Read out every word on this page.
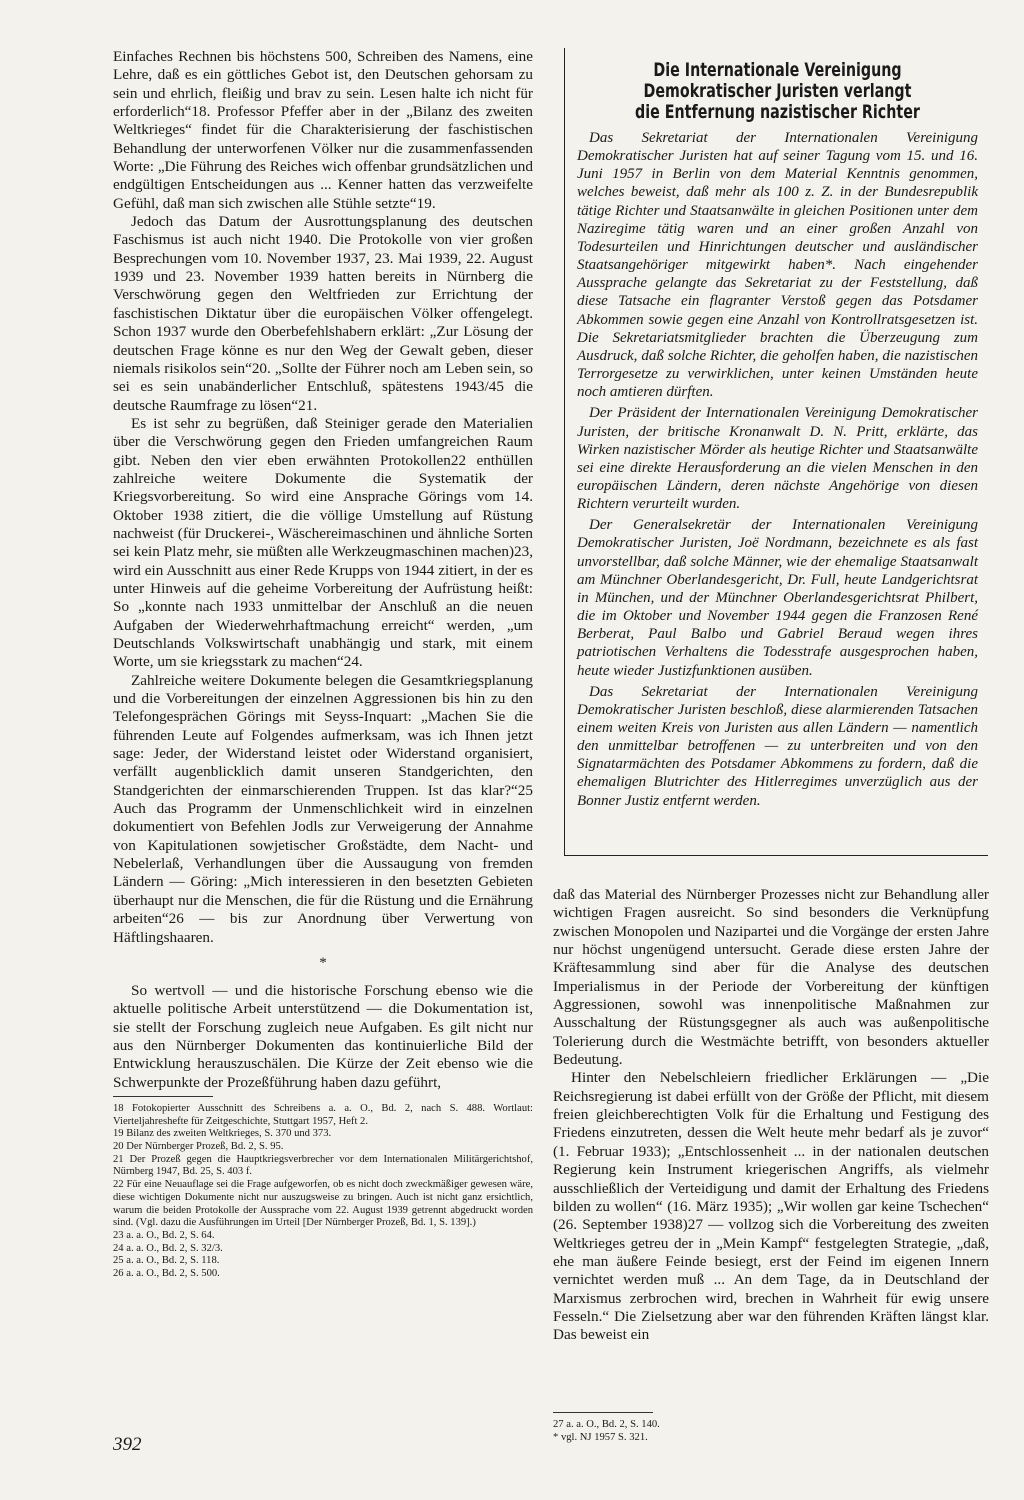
Einfaches Rechnen bis höchstens 500, Schreiben des Namens, eine Lehre, daß es ein göttliches Gebot ist, den Deutschen gehorsam zu sein und ehrlich, fleißig und brav zu sein. Lesen halte ich nicht für erforderlich“18. Professor Pfeffer aber in der „Bilanz des zweiten Weltkrieges“ findet für die Charakterisierung der faschistischen Behandlung der unterworfenen Völker nur die zusammenfassenden Worte: „Die Führung des Reiches wich offenbar grundsätzlichen und endgültigen Entscheidungen aus ... Kenner hatten das verzweifelte Gefühl, daß man sich zwischen alle Stühle setzte“19.

Jedoch das Datum der Ausrottungsplanung des deutschen Faschismus ist auch nicht 1940. Die Protokolle von vier großen Besprechungen vom 10. November 1937, 23. Mai 1939, 22. August 1939 und 23. November 1939 hatten bereits in Nürnberg die Verschwörung gegen den Weltfrieden zur Errichtung der faschistischen Diktatur über die europäischen Völker offengelegt. Schon 1937 wurde den Oberbefehlshabern erklärt: „Zur Lösung der deutschen Frage könne es nur den Weg der Gewalt geben, dieser niemals risikolos sein“20. „Sollte der Führer noch am Leben sein, so sei es sein unabänderlicher Entschluß, spätestens 1943/45 die deutsche Raumfrage zu lösen“21.

Es ist sehr zu begrüßen, daß Steiniger gerade den Materialien über die Verschwörung gegen den Frieden umfangreichen Raum gibt. Neben den vier eben erwähnten Protokollen22 enthüllen zahlreiche weitere Dokumente die Systematik der Kriegsvorbereitung. So wird eine Ansprache Görings vom 14. Oktober 1938 zitiert, die die völlige Umstellung auf Rüstung nachweist (für Druckerei-, Wäschereimaschinen und ähnliche Sorten sei kein Platz mehr, sie müßten alle Werkzeugmaschinen machen)23, wird ein Ausschnitt aus einer Rede Krupps von 1944 zitiert, in der es unter Hinweis auf die geheime Vorbereitung der Aufrüstung heißt: So „konnte nach 1933 unmittelbar der Anschluß an die neuen Aufgaben der Wiederwehrhaftmachung erreicht“ werden, „um Deutschlands Volkswirtschaft unabhängig und stark, mit einem Worte, um sie kriegsstark zu machen“24.

Zahlreiche weitere Dokumente belegen die Gesamtkriegsplanung und die Vorbereitungen der einzelnen Aggressionen bis hin zu den Telefongesprächen Görings mit Seyss-Inquart: „Machen Sie die führenden Leute auf Folgendes aufmerksam, was ich Ihnen jetzt sage: Jeder, der Widerstand leistet oder Widerstand organisiert, verfällt augenblicklich damit unseren Standgerichten, den Standgerichten der einmarschierenden Truppen. Ist das klar?“25 Auch das Programm der Unmenschlichkeit wird in einzelnen dokumentiert von Befehlen Jodls zur Verweigerung der Annahme von Kapitulationen sowjetischer Großstädte, dem Nacht- und Nebelerlaß, Verhandlungen über die Aussaugung von fremden Ländern — Göring: „Mich interessieren in den besetzten Gebieten überhaupt nur die Menschen, die für die Rüstung und die Ernährung arbeiten“26 — bis zur Anordnung über Verwertung von Häftlingshaaren.

*

So wertvoll — und die historische Forschung ebenso wie die aktuelle politische Arbeit unterstützend — die Dokumentation ist, sie stellt der Forschung zugleich neue Aufgaben. Es gilt nicht nur aus den Nürnberger Dokumenten das kontinuierliche Bild der Entwicklung herauszuschälen. Die Kürze der Zeit ebenso wie die Schwerpunkte der Prozeßführung haben dazu geführt,

18 Fotokopierter Ausschnitt des Schreibens a. a. O., Bd. 2, nach S. 488. Wortlaut: Vierteljahreshefte für Zeitgeschichte, Stuttgart 1957, Heft 2.

19 Bilanz des zweiten Weltkrieges, S. 370 und 373.

20 Der Nürnberger Prozeß, Bd. 2, S. 95.

21 Der Prozeß gegen die Hauptkriegsverbrecher vor dem Internationalen Militärgerichtshof, Nürnberg 1947, Bd. 25, S. 403 f.

22 Für eine Neuauflage sei die Frage aufgeworfen, ob es nicht doch zweckmäßiger gewesen wäre, diese wichtigen Dokumente nicht nur auszugsweise zu bringen. Auch ist nicht ganz ersichtlich, warum die beiden Protokolle der Aussprache vom 22. August 1939 getrennt abgedruckt worden sind. (Vgl. dazu die Ausführungen im Urteil [Der Nürnberger Prozeß, Bd. 1, S. 139].)

23 a. a. O., Bd. 2, S. 64.

24 a. a. O., Bd. 2, S. 32/3.

25 a. a. O., Bd. 2, S. 118.

26 a. a. O., Bd. 2, S. 500.

Die Internationale Vereinigung
Demokratischer Juristen verlangt
die Entfernung nazistischer Richter

Das Sekretariat der Internationalen Vereinigung Demokratischer Juristen hat auf seiner Tagung vom 15. und 16. Juni 1957 in Berlin von dem Material Kenntnis genommen, welches beweist, daß mehr als 100 z. Z. in der Bundesrepublik tätige Richter und Staatsanwälte in gleichen Positionen unter dem Naziregime tätig waren und an einer großen Anzahl von Todesurteilen und Hinrichtungen deutscher und ausländischer Staatsangehöriger mitgewirkt haben*. Nach eingehender Aussprache gelangte das Sekretariat zu der Feststellung, daß diese Tatsache ein flagranter Verstoß gegen das Potsdamer Abkommen sowie gegen eine Anzahl von Kontrollratsgesetzen ist. Die Sekretariatsmitglieder brachten die Überzeugung zum Ausdruck, daß solche Richter, die geholfen haben, die nazistischen Terrorgesetze zu verwirklichen, unter keinen Umständen heute noch amtieren dürften.

Der Präsident der Internationalen Vereinigung Demokratischer Juristen, der britische Kronanwalt D. N. Pritt, erklärte, das Wirken nazistischer Mörder als heutige Richter und Staatsanwälte sei eine direkte Herausforderung an die vielen Menschen in den europäischen Ländern, deren nächste Angehörige von diesen Richtern verurteilt wurden.

Der Generalsekretär der Internationalen Vereinigung Demokratischer Juristen, Joë Nordmann, bezeichnete es als fast unvorstellbar, daß solche Männer, wie der ehemalige Staatsanwalt am Münchner Oberlandesgericht, Dr. Full, heute Landgerichtsrat in München, und der Münchner Oberlandesgerichtsrat Philbert, die im Oktober und November 1944 gegen die Franzosen René Berberat, Paul Balbo und Gabriel Beraud wegen ihres patriotischen Verhaltens die Todesstrafe ausgesprochen haben, heute wieder Justizfunktionen ausüben.

Das Sekretariat der Internationalen Vereinigung Demokratischer Juristen beschloß, diese alarmierenden Tatsachen einem weiten Kreis von Juristen aus allen Ländern — namentlich den unmittelbar betroffenen — zu unterbreiten und von den Signatarmächten des Potsdamer Abkommens zu fordern, daß die ehemaligen Blutrichter des Hitlerregimes unverzüglich aus der Bonner Justiz entfernt werden.

daß das Material des Nürnberger Prozesses nicht zur Behandlung aller wichtigen Fragen ausreicht. So sind besonders die Verknüpfung zwischen Monopolen und Nazipartei und die Vorgänge der ersten Jahre nur höchst ungenügend untersucht. Gerade diese ersten Jahre der Kräftesammlung sind aber für die Analyse des deutschen Imperialismus in der Periode der Vorbereitung der künftigen Aggressionen, sowohl was innenpolitische Maßnahmen zur Ausschaltung der Rüstungsgegner als auch was außenpolitische Tolerierung durch die Westmächte betrifft, von besonders aktueller Bedeutung.

Hinter den Nebelschleiern friedlicher Erklärungen — „Die Reichsregierung ist dabei erfüllt von der Größe der Pflicht, mit diesem freien gleichberechtigten Volk für die Erhaltung und Festigung des Friedens einzutreten, dessen die Welt heute mehr bedarf als je zuvor“ (1. Februar 1933); „Entschlossenheit ... in der nationalen deutschen Regierung kein Instrument kriegerischen Angriffs, als vielmehr ausschließlich der Verteidigung und damit der Erhaltung des Friedens bilden zu wollen“ (16. März 1935); „Wir wollen gar keine Tschechen“ (26. September 1938)27 — vollzog sich die Vorbereitung des zweiten Weltkrieges getreu der in „Mein Kampf“ festgelegten Strategie, „daß, ehe man äußere Feinde besiegt, erst der Feind im eigenen Innern vernichtet werden muß ... An dem Tage, da in Deutschland der Marxismus zerbrochen wird, brechen in Wahrheit für ewig unsere Fesseln.“ Die Zielsetzung aber war den führenden Kräften längst klar. Das beweist ein

27 a. a. O., Bd. 2, S. 140.

* vgl. NJ 1957 S. 321.

392
